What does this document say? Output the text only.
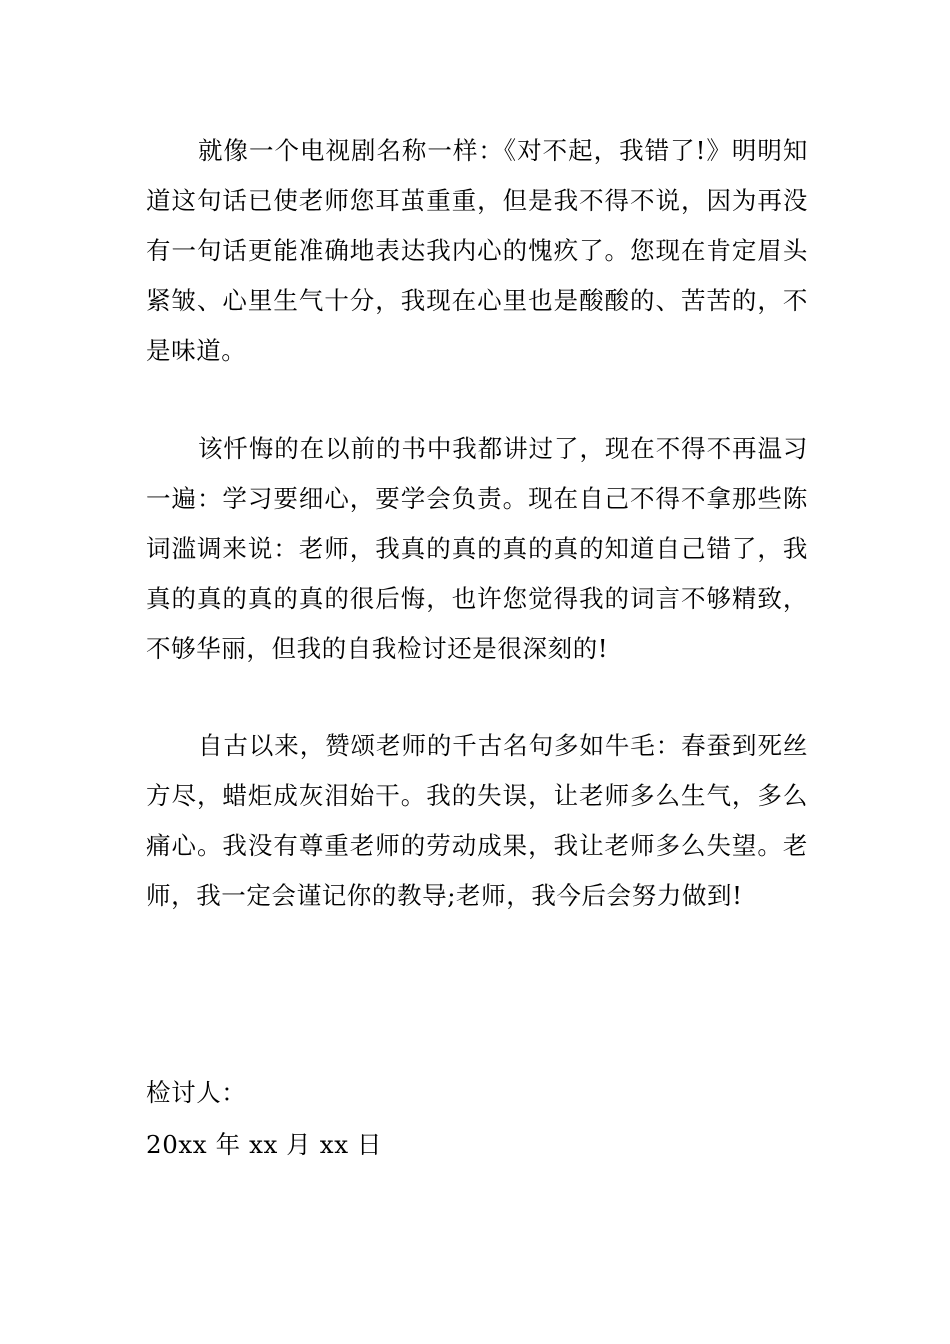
就像一个电视剧名称一样：《对不起，我错了!》明明知道这句话已使老师您耳茧重重，但是我不得不说，因为再没有一句话更能准确地表达我内心的愧疚了。您现在肯定眉头紧皱、心里生气十分，我现在心里也是酸酸的、苦苦的，不是味道。

该忏悔的在以前的书中我都讲过了，现在不得不再温习一遍：学习要细心，要学会负责。现在自己不得不拿那些陈词滥调来说：老师，我真的真的真的真的知道自己错了，我真的真的真的真的很后悔，也许您觉得我的词言不够精致，不够华丽，但我的自我检讨还是很深刻的!

自古以来，赞颂老师的千古名句多如牛毛：春蚕到死丝方尽，蜡炬成灰泪始干。我的失误，让老师多么生气，多么痛心。我没有尊重老师的劳动成果，我让老师多么失望。老师，我一定会谨记你的教导;老师，我今后会努力做到!

检讨人：

20xx 年 xx 月 xx 日
